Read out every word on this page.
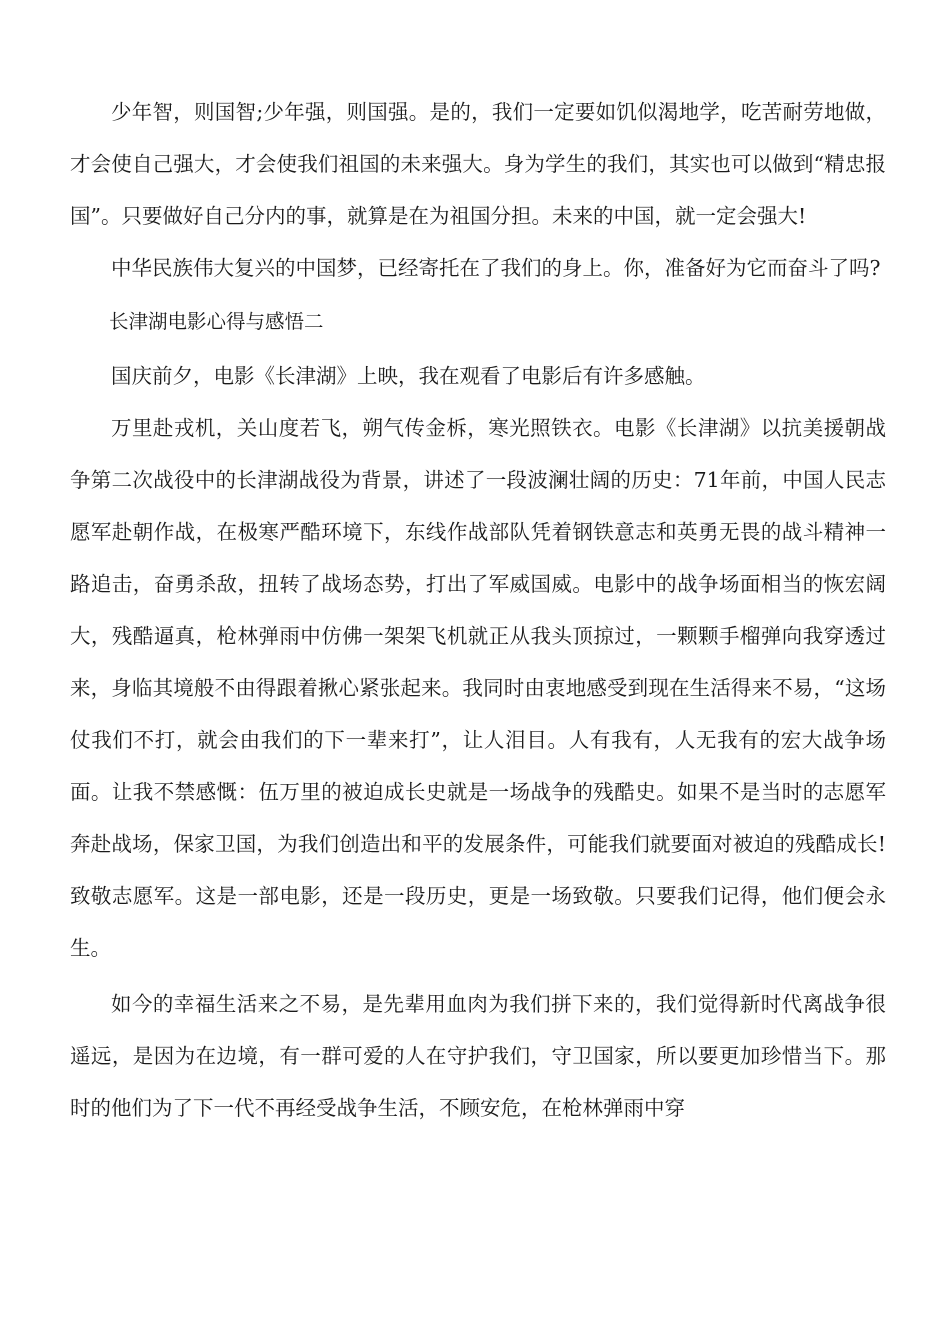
少年智，则国智;少年强，则国强。是的，我们一定要如饥似渴地学，吃苦耐劳地做，才会使自己强大，才会使我们祖国的未来强大。身为学生的我们，其实也可以做到“精忠报国”。只要做好自己分内的事，就算是在为祖国分担。未来的中国，就一定会强大!

中华民族伟大复兴的中国梦，已经寄托在了我们的身上。你，准备好为它而奋斗了吗?

长津湖电影心得与感悟二

国庆前夕，电影《长津湖》上映，我在观看了电影后有许多感触。

万里赴戎机，关山度若飞，朔气传金柝，寒光照铁衣。电影《长津湖》以抗美援朝战争第二次战役中的长津湖战役为背景，讲述了一段波澜壮阔的历史：71年前，中国人民志愿军赴朝作战，在极寒严酷环境下，东线作战部队凭着钢铁意志和英勇无畏的战斗精神一路追击，奋勇杀敌，扭转了战场态势，打出了军威国威。电影中的战争场面相当的恢宏阔大，残酷逼真，枪林弹雨中仿佛一架架飞机就正从我头顶掠过，一颗颗手榴弹向我穿透过来，身临其境般不由得跟着揪心紧张起来。我同时由衷地感受到现在生活得来不易，“这场仗我们不打，就会由我们的下一辈来打”，让人泪目。人有我有，人无我有的宏大战争场面。让我不禁感慨：伍万里的被迫成长史就是一场战争的残酷史。如果不是当时的志愿军奔赴战场，保家卫国，为我们创造出和平的发展条件，可能我们就要面对被迫的残酷成长!致敬志愿军。这是一部电影，还是一段历史，更是一场致敬。只要我们记得，他们便会永生。

如今的幸福生活来之不易，是先辈用血肉为我们拼下来的，我们觉得新时代离战争很遥远，是因为在边境，有一群可爱的人在守护我们，守卫国家，所以要更加珍惜当下。那时的他们为了下一代不再经受战争生活，不顾安危，在枪林弹雨中穿
